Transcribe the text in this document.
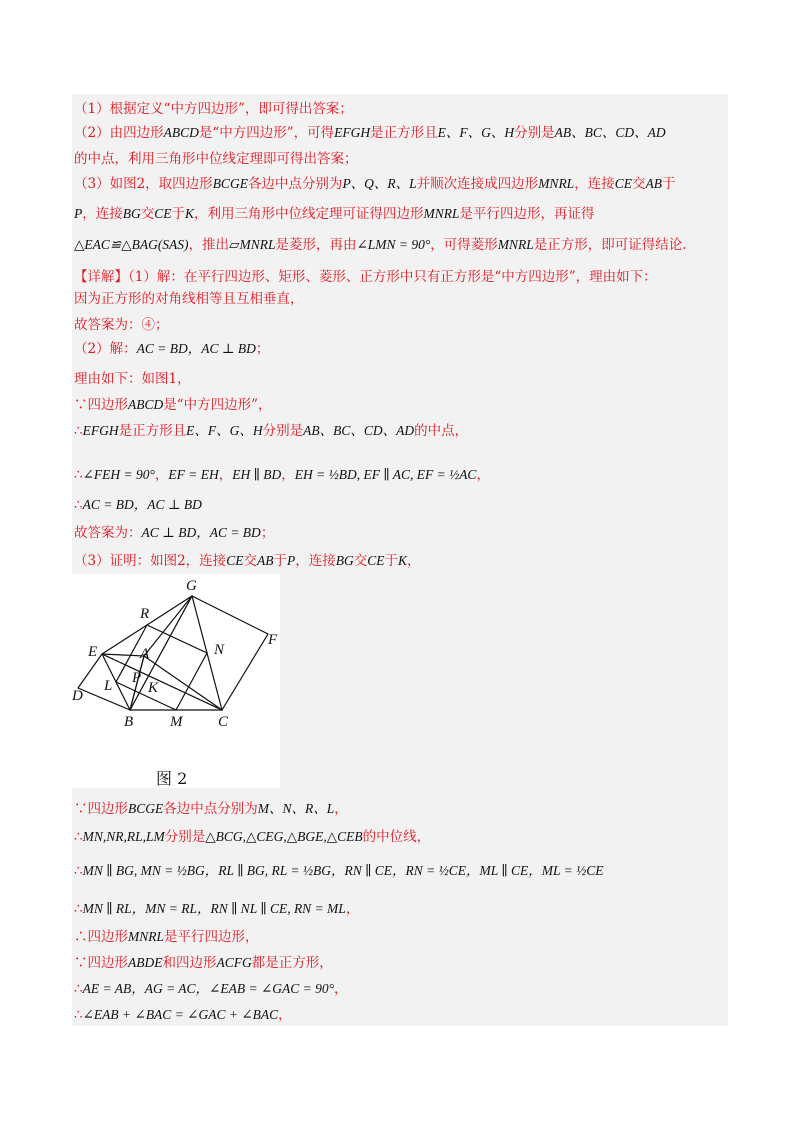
（1）根据定义“中方四边形”，即可得出答案；
（2）由四边形ABCD是“中方四边形”，可得EFGH是正方形且E、F、G、H分别是AB、BC、CD、AD
的中点，利用三角形中位线定理即可得出答案；
（3）如图2，取四边形BCGE各边中点分别为P、Q、R、L并顺次连接成四边形MNRL，连接CE交AB于
P，连接BG交CE于K，利用三角形中位线定理可证得四边形MNRL是平行四边形，再证得
△EAC≌△BAG(SAS)，推出▱MNRL是菱形，再由∠LMN = 90°，可得菱形MNRL是正方形，即可证得结论.
【详解】（1）解：在平行四边形、矩形、菱形、正方形中只有正方形是“中方四边形”，理由如下：
因为正方形的对角线相等且互相垂直，
故答案为：④；
（2）解：AC = BD，AC ⊥ BD；
理由如下：如图1，
∵四边形ABCD是“中方四边形”，
∴EFGH是正方形且E、F、G、H分别是AB、BC、CD、AD的中点，
∴∠FEH = 90°，EF = EH，EH ∥ BD，EH = ½BD, EF ∥ AC, EF = ½AC，
∴AC = BD，AC ⊥ BD
故答案为：AC ⊥ BD，AC = BD；
（3）证明：如图2，连接CE交AB于P，连接BG交CE于K，
∵四边形BCGE各边中点分别为M、N、R、L，
∴MN,NR,RL,LM分别是△BCG,△CEG,△BGE,△CEB的中位线，
∴MN ∥ BG, MN = ½BG，RL ∥ BG, RL = ½BG，RN ∥ CE，RN = ½CE，ML ∥ CE，ML = ½CE
∴MN ∥ RL，MN = RL，RN ∥ NL ∥ CE, RN = ML，
∴四边形MNRL是平行四边形，
∵四边形ABDE和四边形ACFG都是正方形，
∴AE = AB，AG = AC，∠EAB = ∠GAC = 90°，
∴∠EAB + ∠BAC = ∠GAC + ∠BAC，
G
R
F
E	A	N
L P
K
D
B M C
图 2
